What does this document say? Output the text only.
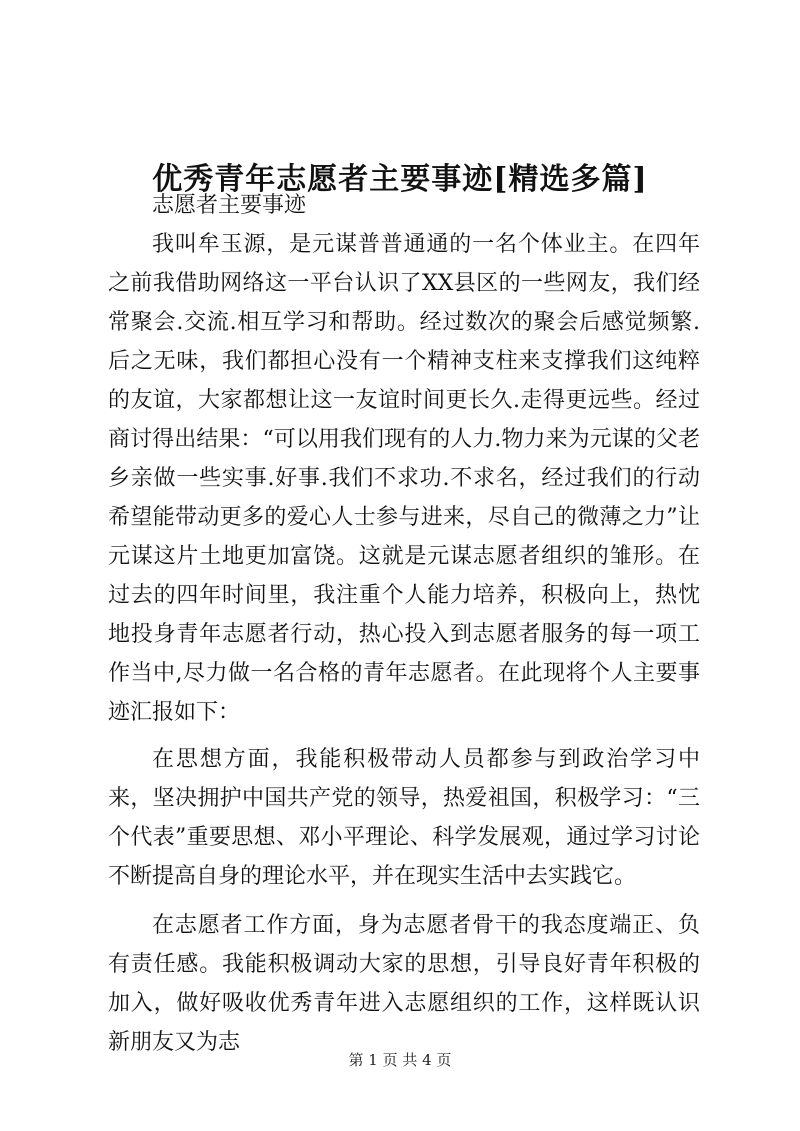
优秀青年志愿者主要事迹[精选多篇]

志愿者主要事迹

我叫牟玉源，是元谋普普通通的一名个体业主。在四年之前我借助网络这一平台认识了XX县区的一些网友，我们经常聚会.交流.相互学习和帮助。经过数次的聚会后感觉频繁.后之无味，我们都担心没有一个精神支柱来支撑我们这纯粹的友谊，大家都想让这一友谊时间更长久.走得更远些。经过商讨得出结果：“可以用我们现有的人力.物力来为元谋的父老乡亲做一些实事.好事.我们不求功.不求名，经过我们的行动希望能带动更多的爱心人士参与进来，尽自己的微薄之力”让元谋这片土地更加富饶。这就是元谋志愿者组织的雏形。在过去的四年时间里，我注重个人能力培养，积极向上，热忱地投身青年志愿者行动，热心投入到志愿者服务的每一项工作当中,尽力做一名合格的青年志愿者。在此现将个人主要事迹汇报如下：

在思想方面，我能积极带动人员都参与到政治学习中来，坚决拥护中国共产党的领导，热爱祖国，积极学习：“三个代表”重要思想、邓小平理论、科学发展观，通过学习讨论不断提高自身的理论水平，并在现实生活中去实践它。

在志愿者工作方面，身为志愿者骨干的我态度端正、负有责任感。我能积极调动大家的思想，引导良好青年积极的加入，做好吸收优秀青年进入志愿组织的工作，这样既认识新朋友又为志

第 1 页 共 4 页
